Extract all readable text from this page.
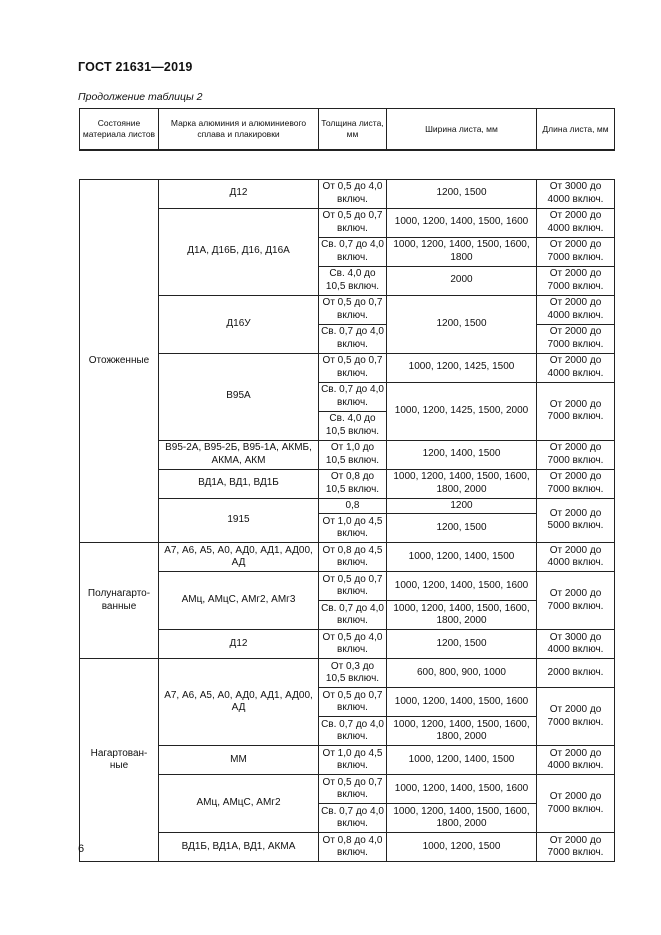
ГОСТ 21631—2019
Продолжение таблицы 2
Состояние материала листов	Марка алюминия и алюминиевого сплава и плакировки	Толщина листа, мм	Ширина листа, мм	Длина листа, мм

Отожженные	Д12	От 0,5 до 4,0 включ.	1200, 1500	От 3000 до 4000 включ.
	Д1А, Д16Б, Д16, Д16А	От 0,5 до 0,7 включ.	1000, 1200, 1400, 1500, 1600	От 2000 до 4000 включ.
		Св. 0,7 до 4,0 включ.	1000, 1200, 1400, 1500, 1600, 1800	От 2000 до 7000 включ.
		Св. 4,0 до 10,5 включ.	2000	От 2000 до 7000 включ.
	Д16У	От 0,5 до 0,7 включ.	1200, 1500	От 2000 до 4000 включ.
		Св. 0,7 до 4,0 включ.		От 2000 до 7000 включ.
	В95А	От 0,5 до 0,7 включ.	1000, 1200, 1425, 1500	От 2000 до 4000 включ.
		Св. 0,7 до 4,0 включ.	1000, 1200, 1425, 1500, 2000	От 2000 до 7000 включ.
		Св. 4,0 до 10,5 включ.		
	В95-2А, В95-2Б, В95-1А, АКМБ, АКМА, АКМ	От 1,0 до 10,5 включ.	1200, 1400, 1500	От 2000 до 7000 включ.
	ВД1А, ВД1, ВД1Б	От 0,8 до 10,5 включ.	1000, 1200, 1400, 1500, 1600, 1800, 2000	От 2000 до 7000 включ.
	1915	0,8	1200	От 2000 до 5000 включ.
		От 1,0 до 4,5 включ.	1200, 1500	
Полунагарто- ванные	А7, А6, А5, А0, АД0, АД1, АД00, АД	От 0,8 до 4,5 включ.	1000, 1200, 1400, 1500	От 2000 до 4000 включ.
	АМц, АМцС, АМг2, АМг3	От 0,5 до 0,7 включ.	1000, 1200, 1400, 1500, 1600	От 2000 до 7000 включ.
		Св. 0,7 до 4,0 включ.	1000, 1200, 1400, 1500, 1600, 1800, 2000	
	Д12	От 0,5 до 4,0 включ.	1200, 1500	От 3000 до 4000 включ.
Нагартован- ные	А7, А6, А5, А0, АД0, АД1, АД00, АД	От 0,3 до 10,5 включ.	600, 800, 900, 1000	2000 включ.
		От 0,5 до 0,7 включ.	1000, 1200, 1400, 1500, 1600	От 2000 до 7000 включ.
		Св. 0,7 до 4,0 включ.	1000, 1200, 1400, 1500, 1600, 1800, 2000	
	ММ	От 1,0 до 4,5 включ.	1000, 1200, 1400, 1500	От 2000 до 4000 включ.
	АМц, АМцС, АМг2	От 0,5 до 0,7 включ.	1000, 1200, 1400, 1500, 1600	От 2000 до 7000 включ.
		Св. 0,7 до 4,0 включ.	1000, 1200, 1400, 1500, 1600, 1800, 2000	
	ВД1Б, ВД1А, ВД1, АКМА	От 0,8 до 4,0 включ.	1000, 1200, 1500	От 2000 до 7000 включ.
6
